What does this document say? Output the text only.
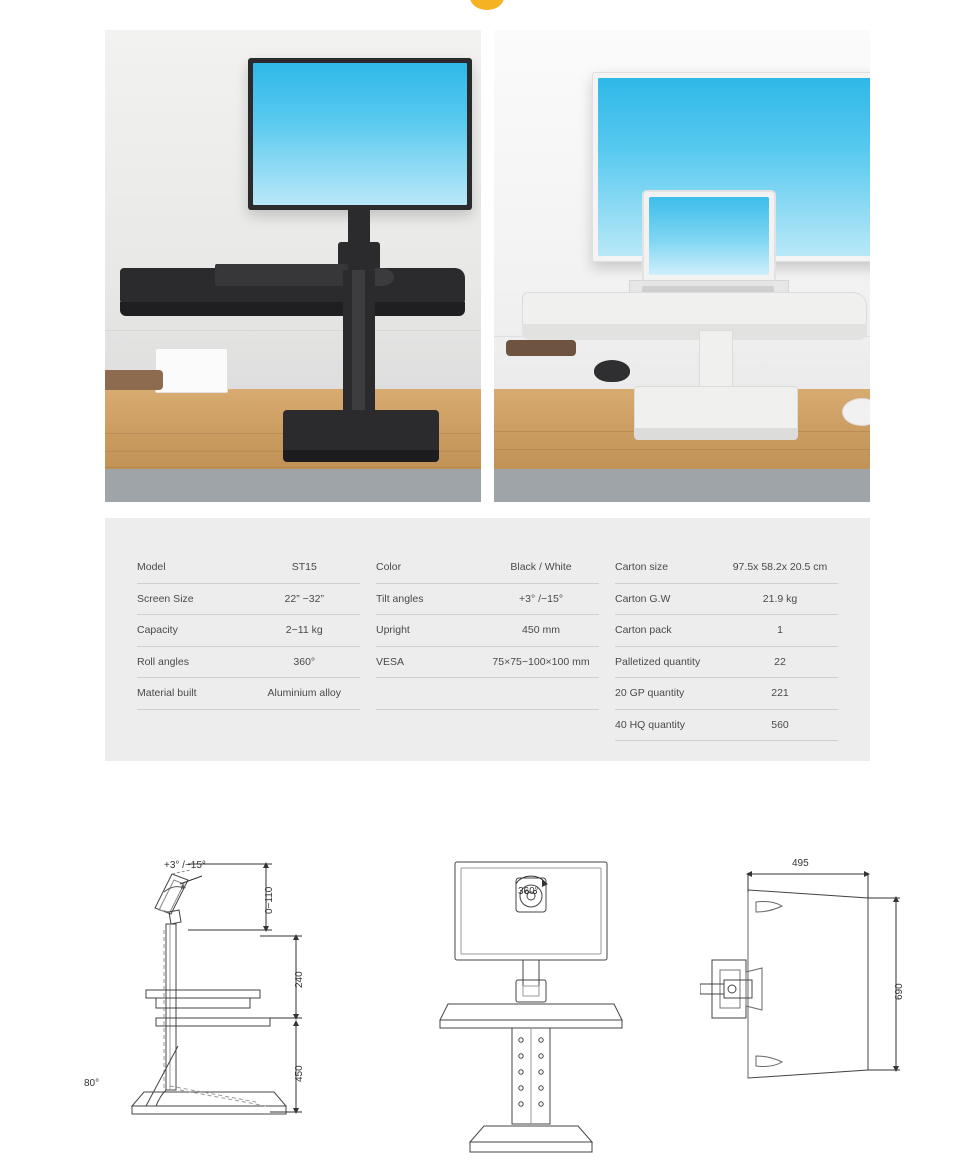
Model	ST15
Screen Size	22” −32”
Capacity	2−11 kg
Roll angles	360°
Material built	Aluminium alloy
Color	Black / White
Tilt angles	+3° /−15°
Upright	450 mm
VESA	75×75−100×100 mm
Carton size	97.5x 58.2x 20.5 cm
Carton G.W	21.9 kg
Carton pack	1
Palletized quantity	22
20 GP quantity	221
40 HQ quantity	560
+3° /−15°
0−110
240
450
80°
360°
495
690
